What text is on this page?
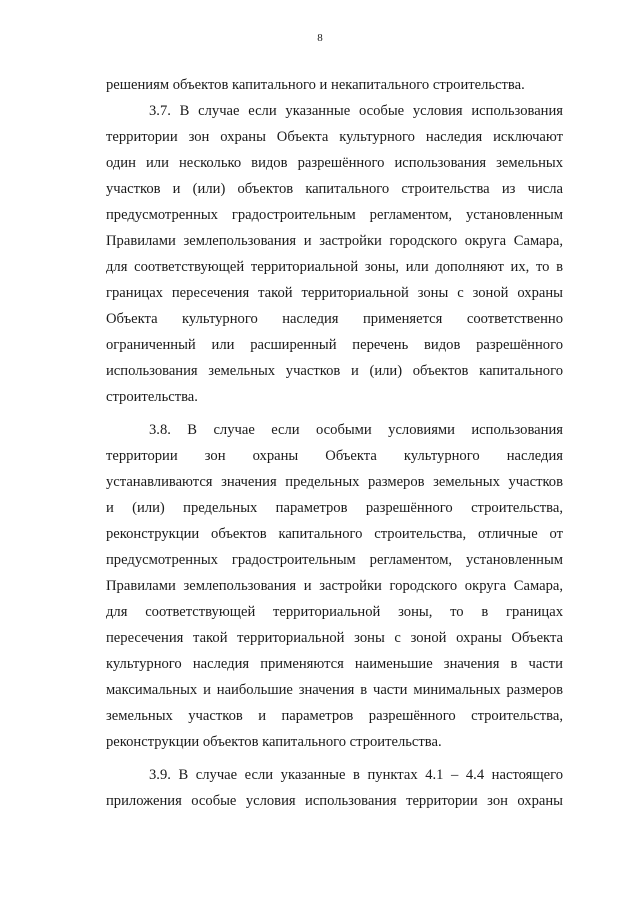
8
решениям объектов капитального и некапитального строительства.
3.7. В случае если указанные особые условия использования
территории зон охраны Объекта культурного наследия исключают
один или несколько видов разрешённого использования земельных
участков и (или) объектов капитального строительства из числа
предусмотренных градостроительным регламентом, установленным
Правилами землепользования и застройки городского округа Самара,
для соответствующей территориальной зоны, или дополняют их, то в
границах пересечения такой территориальной зоны с зоной охраны
Объекта культурного наследия применяется соответственно
ограниченный или расширенный перечень видов разрешённого
использования земельных участков и (или) объектов капитального
строительства.
3.8. В случае если особыми условиями использования
территории зон охраны Объекта культурного наследия
устанавливаются значения предельных размеров земельных участков
и (или) предельных параметров разрешённого строительства,
реконструкции объектов капитального строительства, отличные от
предусмотренных градостроительным регламентом, установленным
Правилами землепользования и застройки городского округа Самара,
для соответствующей территориальной зоны, то в границах
пересечения такой территориальной зоны с зоной охраны Объекта
культурного наследия применяются наименьшие значения в части
максимальных и наибольшие значения в части минимальных размеров
земельных участков и параметров разрешённого строительства,
реконструкции объектов капитального строительства.
3.9. В случае если указанные в пунктах 4.1 – 4.4 настоящего
приложения особые условия использования территории зон охраны
